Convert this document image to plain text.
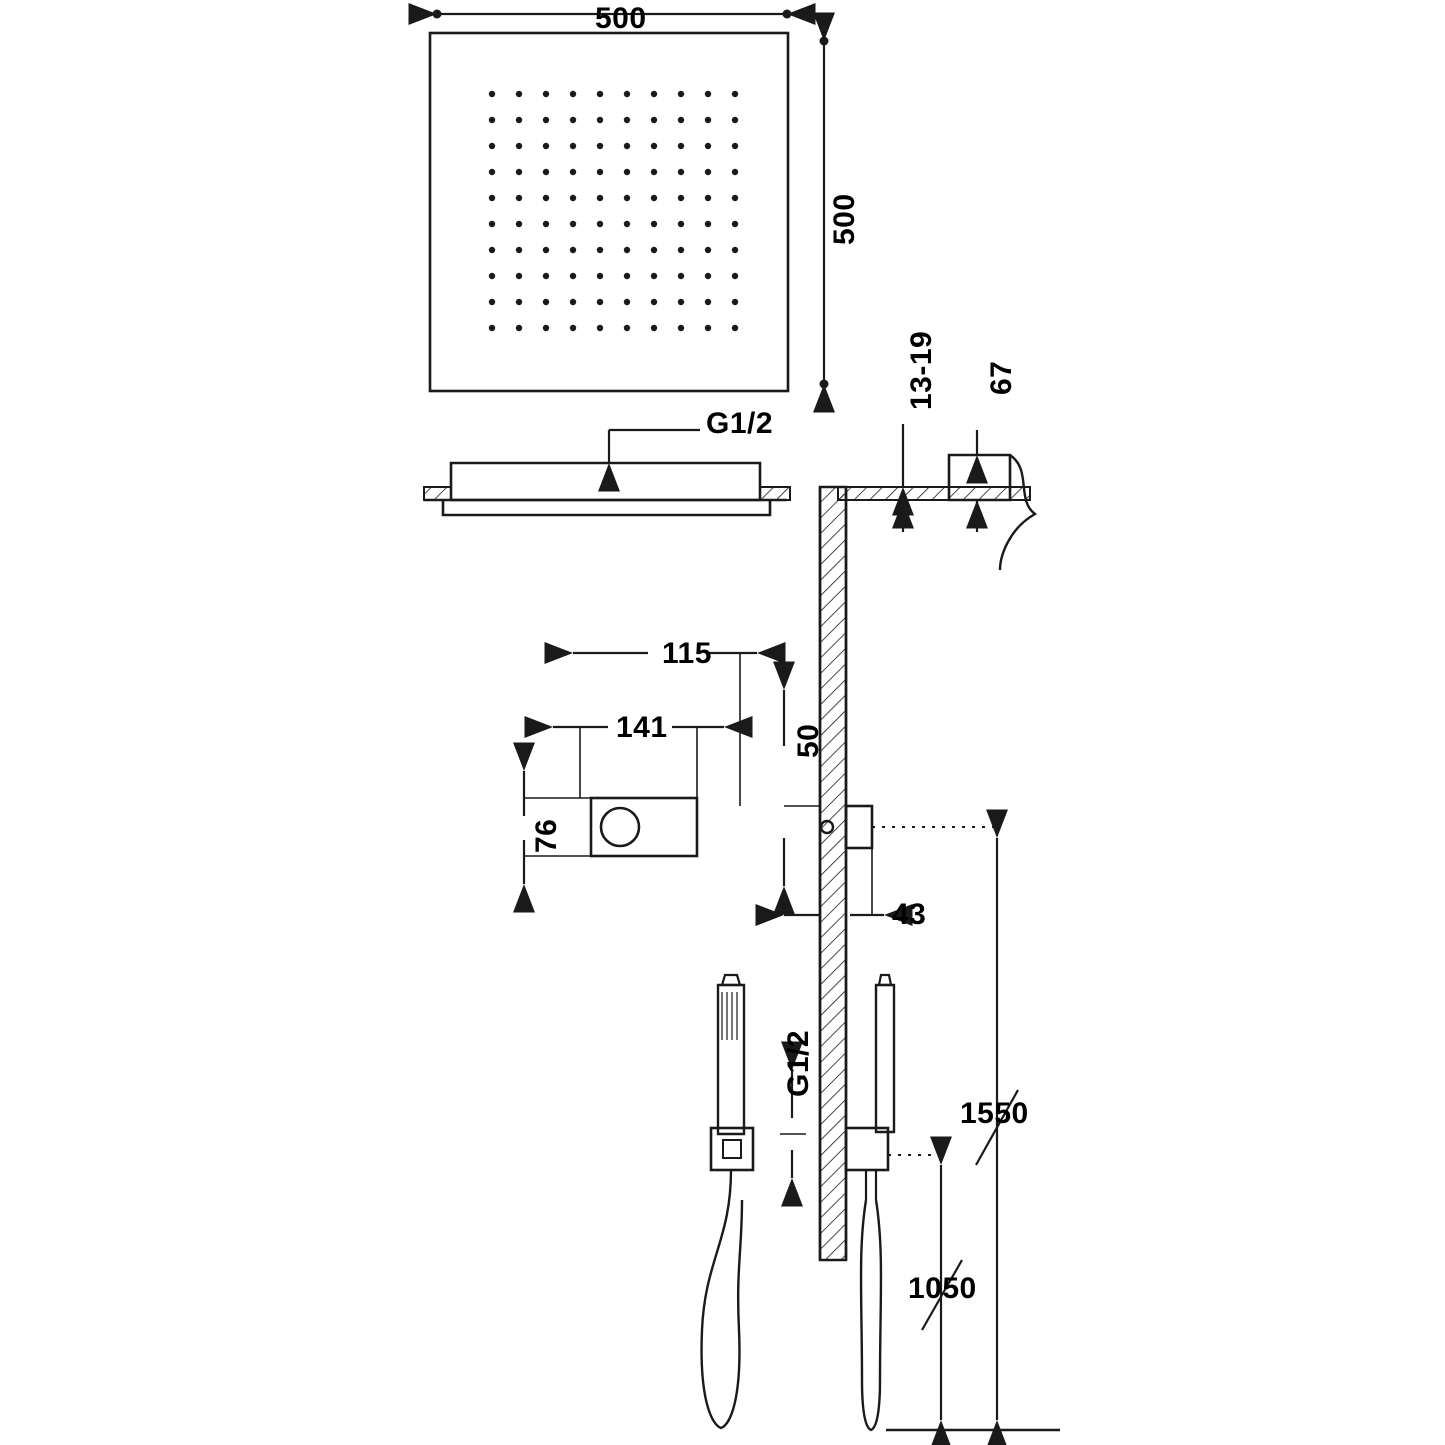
500
500
13-19 67
G1/2
115
141	50
76
43
G1/2
1550
1050
